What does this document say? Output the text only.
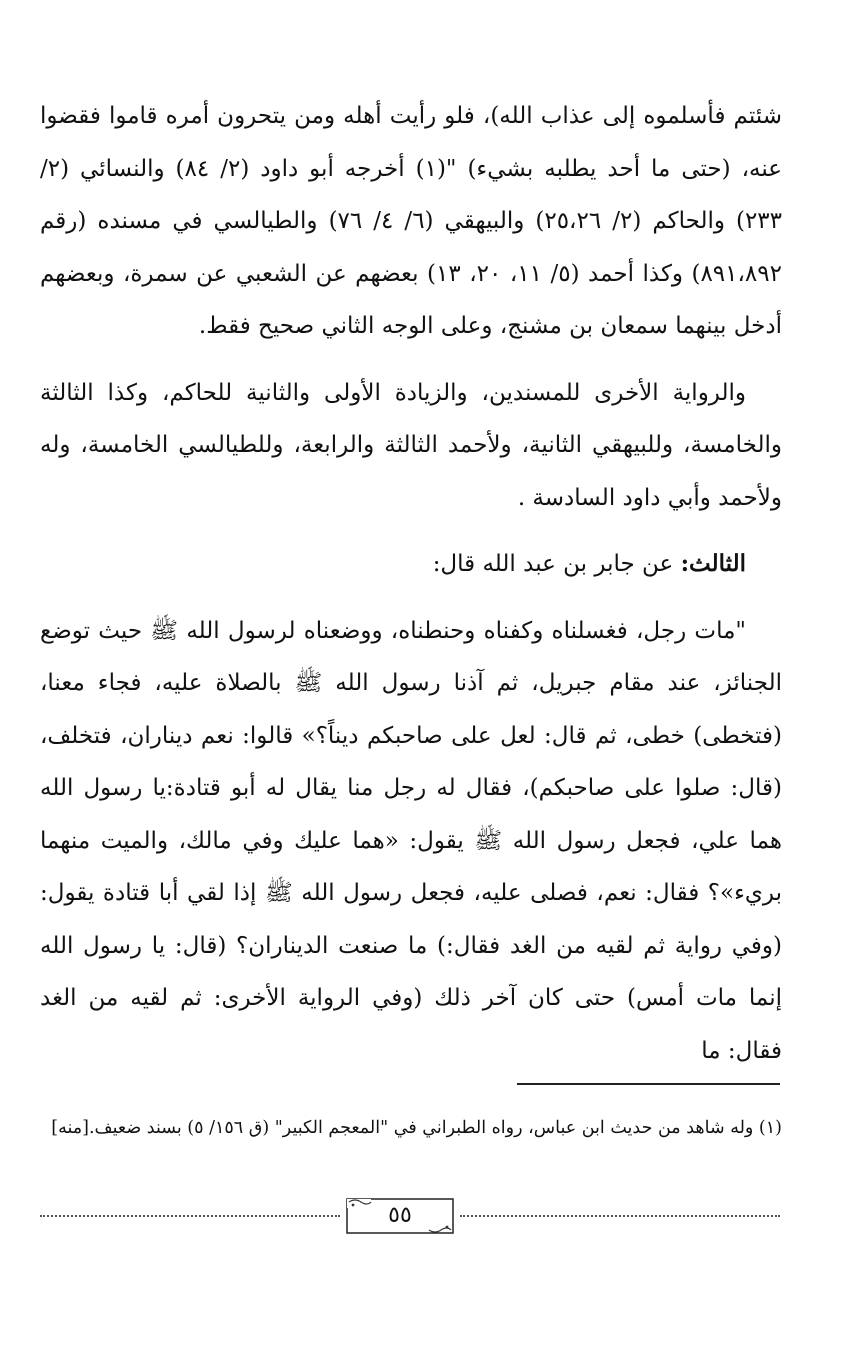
شئتم فأسلموه إلى عذاب الله)، فلو رأيت أهله ومن يتحرون أمره قاموا فقضوا عنه، (حتى ما أحد يطلبه بشيء) "(١) أخرجه أبو داود (٢/ ٨٤) والنسائي (٢/ ٢٣٣) والحاكم (٢/ ٢٥،٢٦) والبيهقي (٦/ ٤/ ٧٦) والطيالسي في مسنده (رقم ٨٩١،٨٩٢) وكذا أحمد (٥/ ١١، ٢٠، ١٣) بعضهم عن الشعبي عن سمرة، وبعضهم أدخل بينهما سمعان بن مشنج، وعلى الوجه الثاني صحيح فقط.

والرواية الأخرى للمسندين، والزيادة الأولى والثانية للحاكم، وكذا الثالثة والخامسة، وللبيهقي الثانية، ولأحمد الثالثة والرابعة، وللطيالسي الخامسة، وله ولأحمد وأبي داود السادسة .

الثالث: عن جابر بن عبد الله قال:

"مات رجل، فغسلناه وكفناه وحنطناه، ووضعناه لرسول الله ﷺ حيث توضع الجنائز، عند مقام جبريل، ثم آذنا رسول الله ﷺ بالصلاة عليه، فجاء معنا،(فتخطى) خطى، ثم قال: لعل على صاحبكم ديناً؟» قالوا: نعم ديناران، فتخلف، (قال: صلوا على صاحبكم)، فقال له رجل منا يقال له أبو قتادة:يا رسول الله هما علي، فجعل رسول الله ﷺ يقول: «هما عليك وفي مالك، والميت منهما بريء»؟ فقال: نعم، فصلى عليه، فجعل رسول الله ﷺ إذا لقي أبا قتادة يقول: (وفي رواية ثم لقيه من الغد فقال:) ما صنعت الديناران؟ (قال: يا رسول الله إنما مات أمس) حتى كان آخر ذلك (وفي الرواية الأخرى: ثم لقيه من الغد فقال: ما

(١) وله شاهد من حديث ابن عباس، رواه الطبراني في "المعجم الكبير" (ق ١٥٦/ ٥) بسند ضعيف.[منه]
٥٥
